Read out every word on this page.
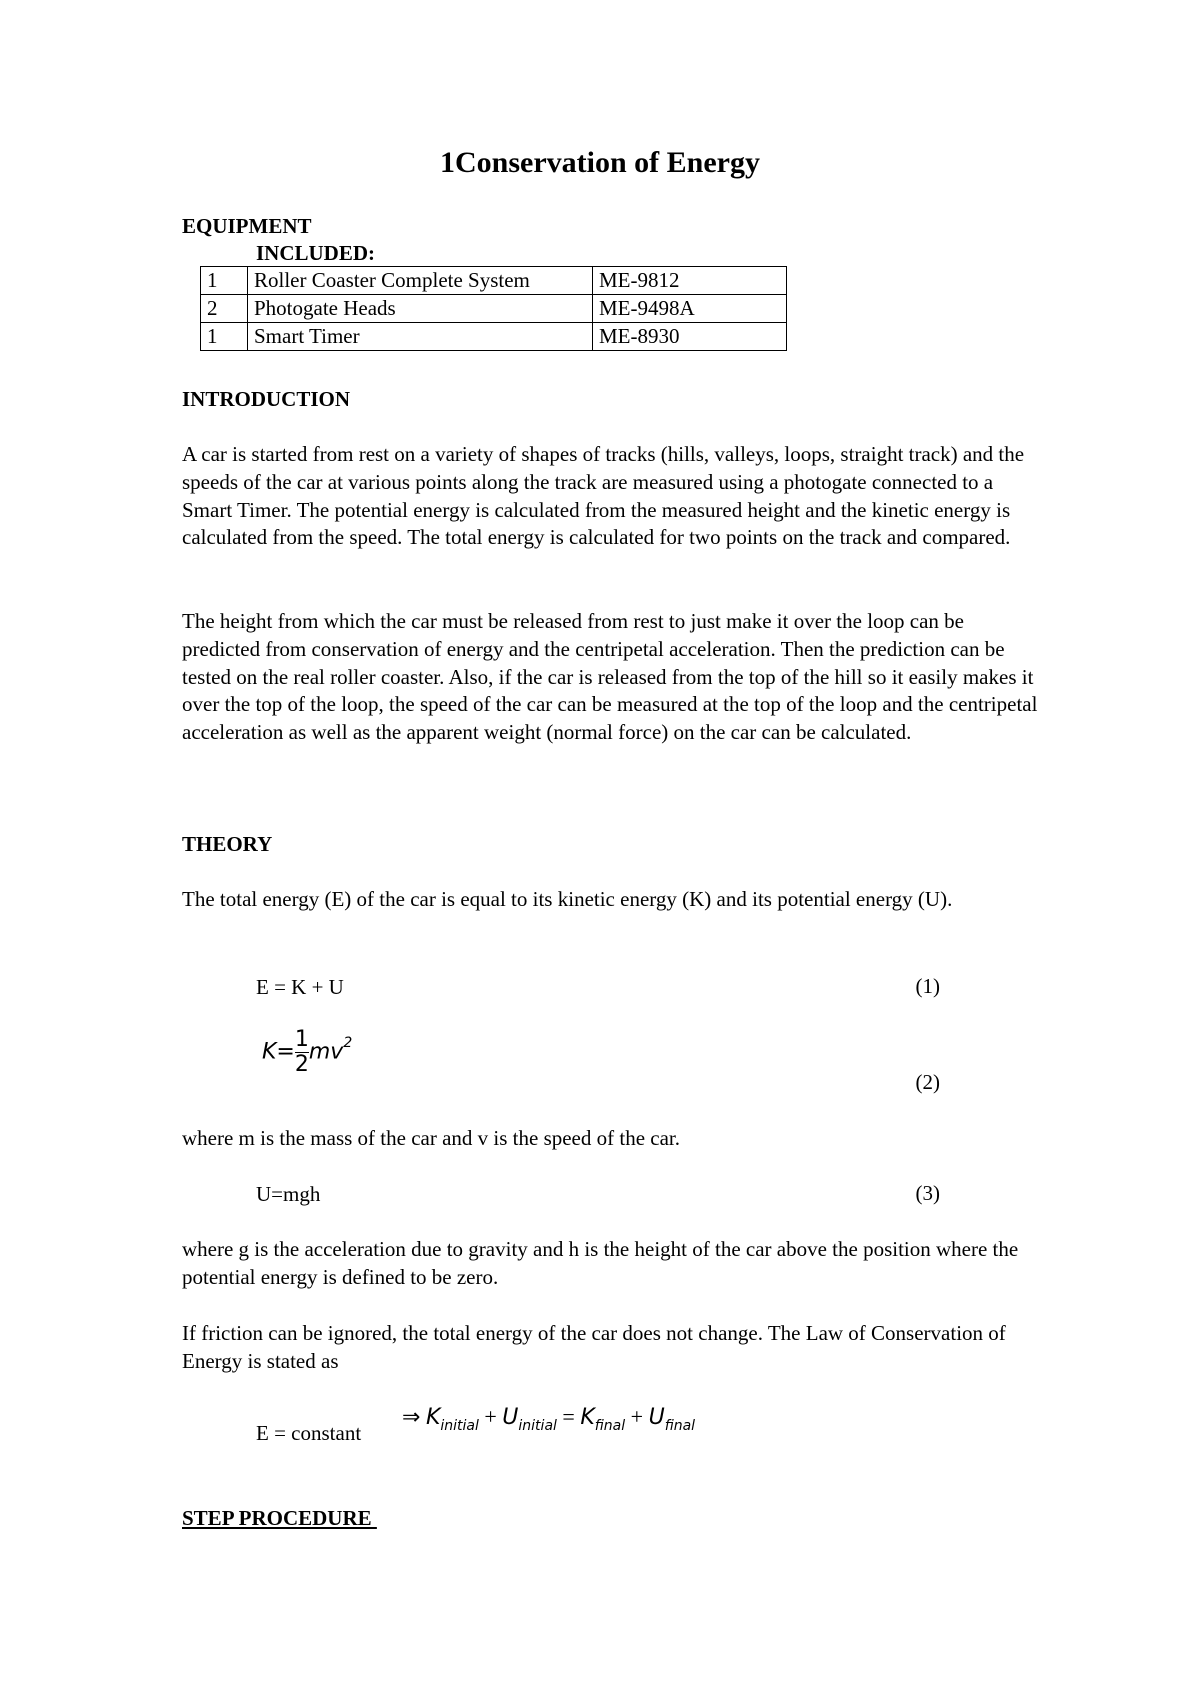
1Conservation of Energy
EQUIPMENT
INCLUDED:
1	Roller Coaster Complete System	ME-9812
2	Photogate Heads	ME-9498A
1	Smart Timer	ME-8930
INTRODUCTION

A car is started from rest on a variety of shapes of tracks (hills, valleys, loops, straight track) and the speeds of the car at various points along the track are measured using a photogate connected to a Smart Timer. The potential energy is calculated from the measured height and the kinetic energy is calculated from the speed. The total energy is calculated for two points on the track and compared.

The height from which the car must be released from rest to just make it over the loop can be predicted from conservation of energy and the centripetal acceleration. Then the prediction can be tested on the real roller coaster. Also, if the car is released from the top of the hill so it easily makes it over the top of the loop, the speed of the car can be measured at the top of the loop and the centripetal acceleration as well as the apparent weight (normal force) on the car can be calculated.

THEORY

The total energy (E) of the car is equal to its kinetic energy (K) and its potential energy (U).

E = K + U	(1)
$K= \frac{1}{2} mv^2$
(2)

where m is the mass of the car and v is the speed of the car.

U=mgh	(3)

where g is the acceleration due to gravity and h is the height of the car above the position where the potential energy is defined to be zero.

If friction can be ignored, the total energy of the car does not change. The Law of Conservation of Energy is stated as

E = constant
⇒ $K_{initial} + U_{initial} = K_{final} + U_{final}$
STEP PROCEDURE
